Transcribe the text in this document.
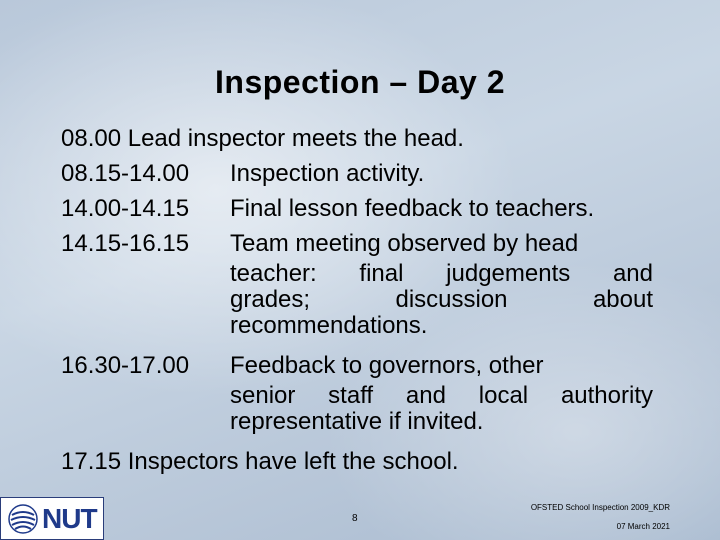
Inspection – Day 2
08.00 Lead inspector meets the head.
08.15-14.00	Inspection activity.
14.00-14.15	Final lesson feedback to teachers.
14.15-16.15	Team meeting observed by head
teacher: final judgements and
grades; discussion about
recommendations.
16.30-17.00	Feedback to governors, other
senior staff and local authority
representative if invited.
17.15 Inspectors have left the school.
NUT	8
OFSTED School Inspection 2009_KDR
07 March 2021
